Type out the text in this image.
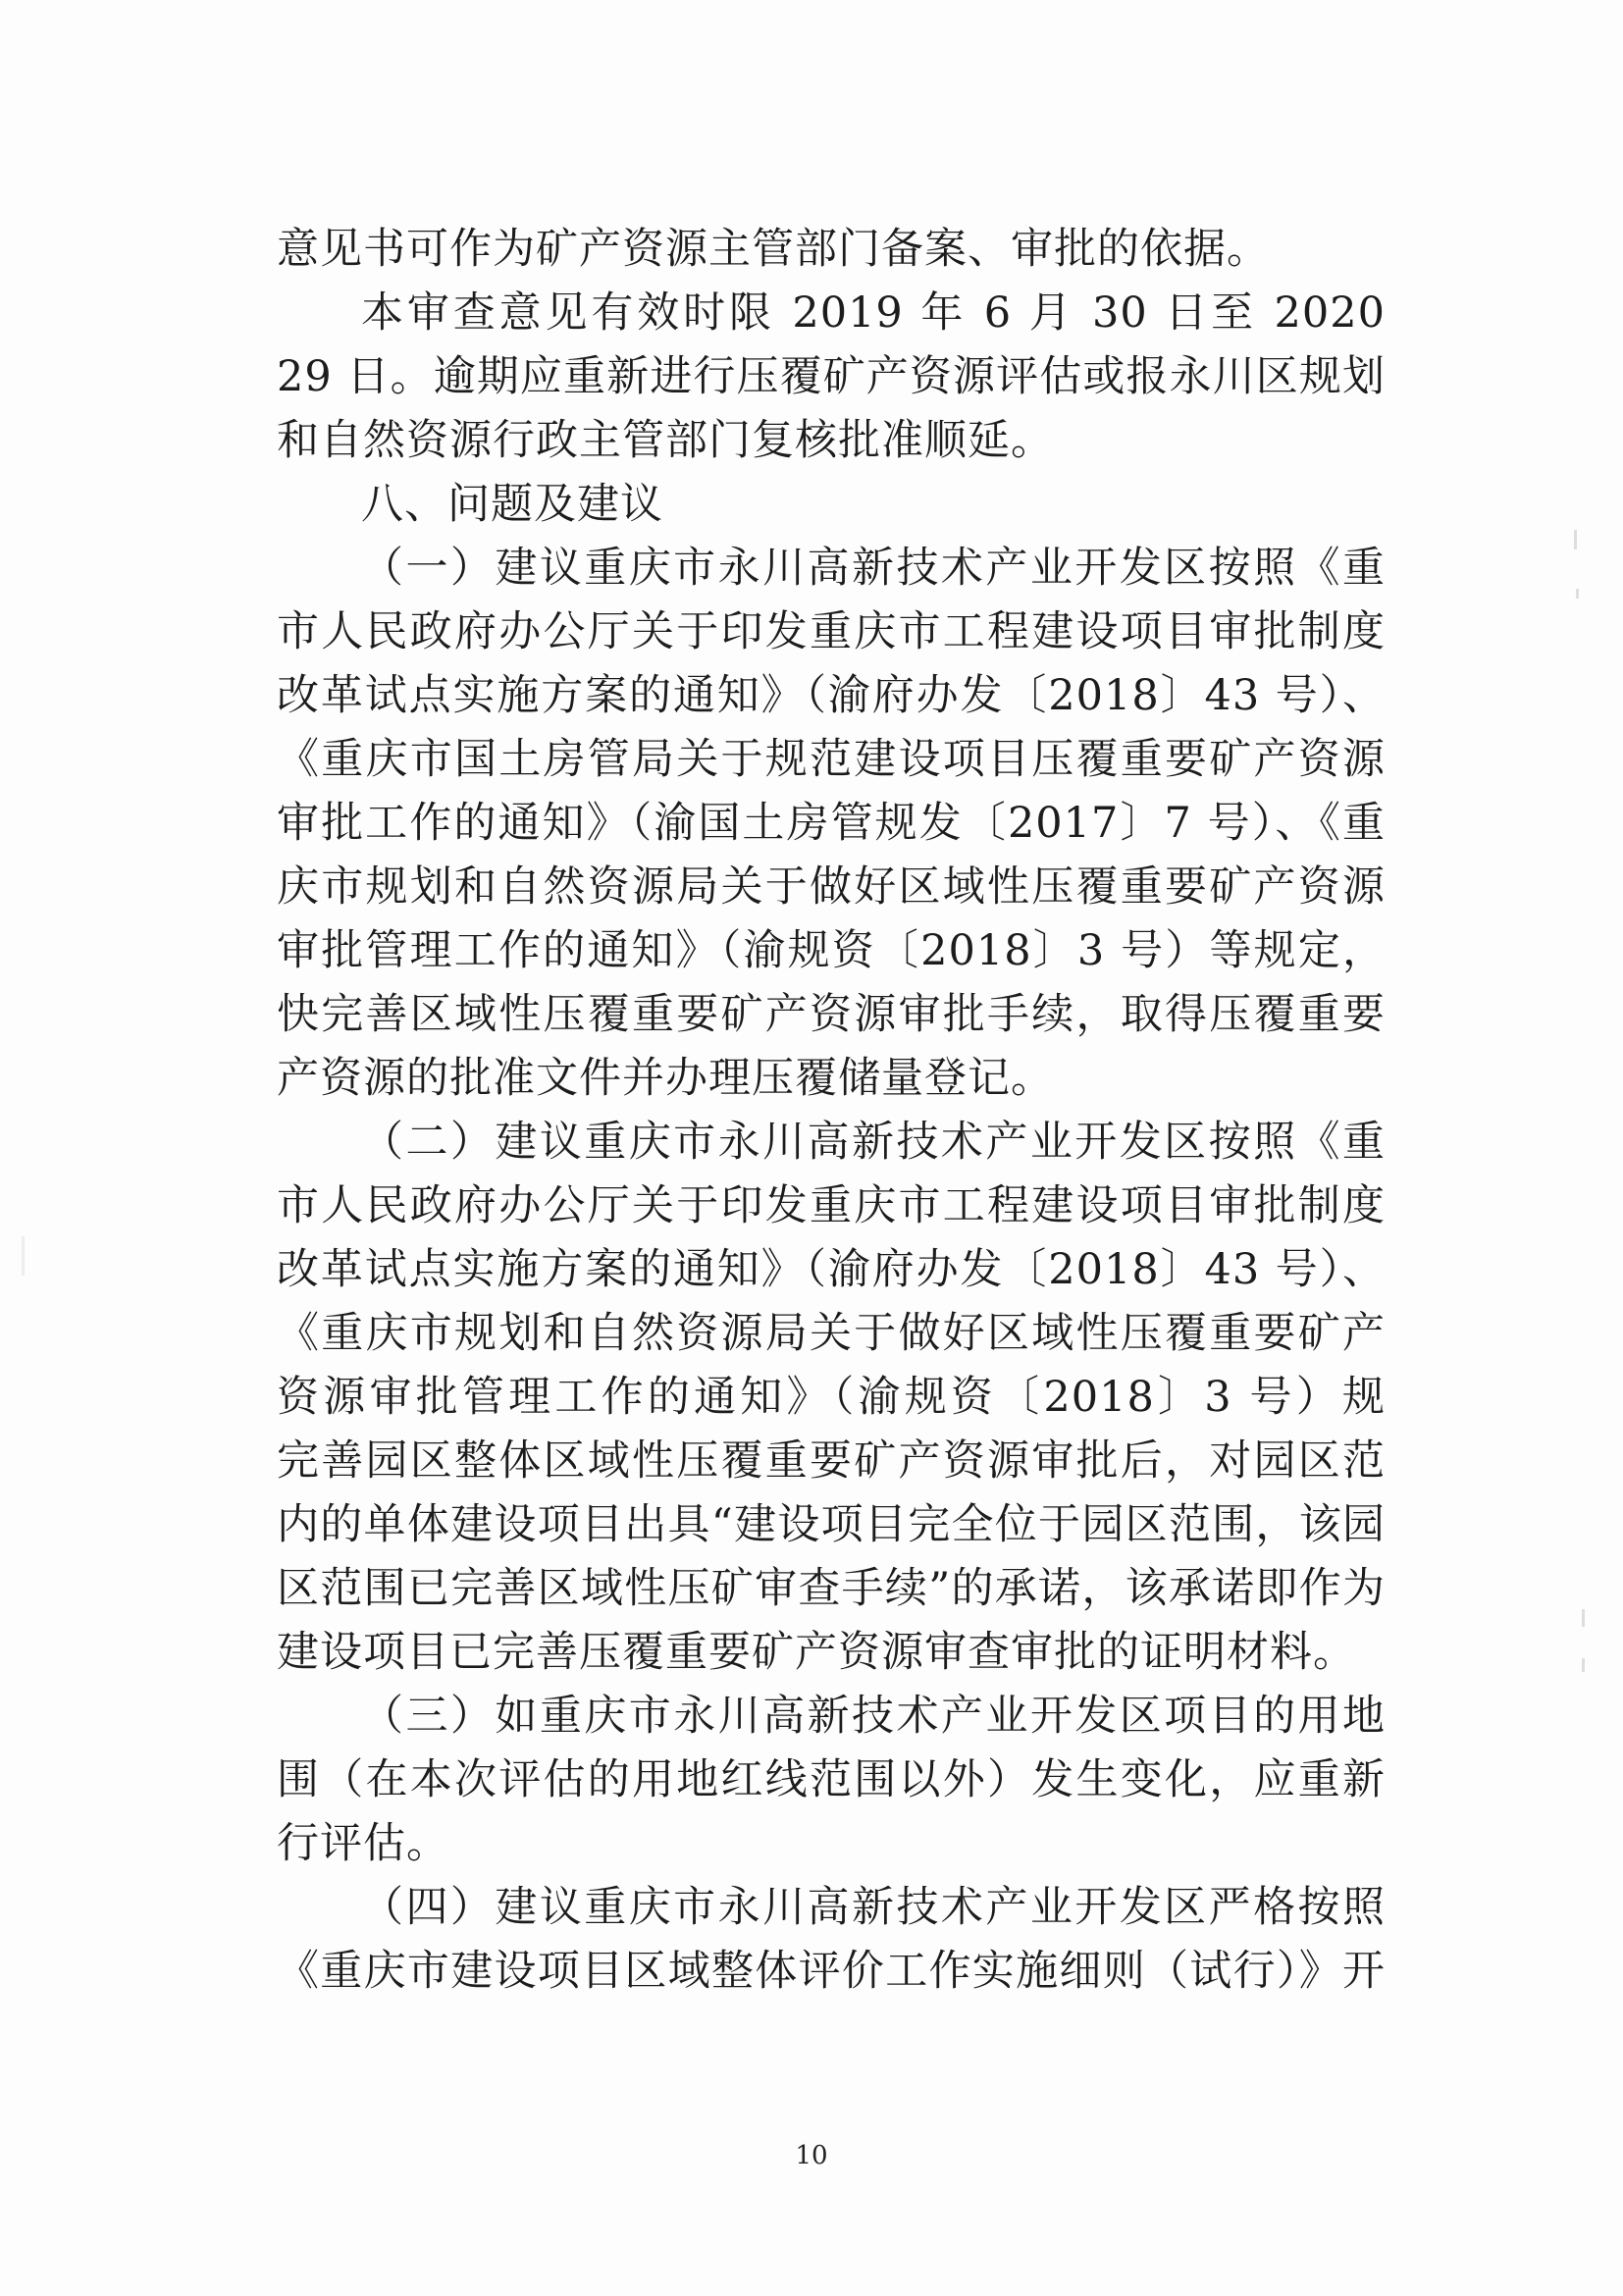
意见书可作为矿产资源主管部门备案、审批的依据。
本审查意见有效时限 2019 年 6 月 30 日至 2020
29 日。逾期应重新进行压覆矿产资源评估或报永川区规划
和自然资源行政主管部门复核批准顺延。
八、问题及建议
（一）建议重庆市永川高新技术产业开发区按照《重
市人民政府办公厅关于印发重庆市工程建设项目审批制度
改革试点实施方案的通知》（渝府办发〔2018〕43 号）、
《重庆市国土房管局关于规范建设项目压覆重要矿产资源
审批工作的通知》（渝国土房管规发〔2017〕7 号）、《重
庆市规划和自然资源局关于做好区域性压覆重要矿产资源
审批管理工作的通知》（渝规资〔2018〕3 号）等规定，
快完善区域性压覆重要矿产资源审批手续，取得压覆重要
产资源的批准文件并办理压覆储量登记。
（二）建议重庆市永川高新技术产业开发区按照《重
市人民政府办公厅关于印发重庆市工程建设项目审批制度
改革试点实施方案的通知》（渝府办发〔2018〕43 号）、
《重庆市规划和自然资源局关于做好区域性压覆重要矿产
资源审批管理工作的通知》（渝规资〔2018〕3 号）规
完善园区整体区域性压覆重要矿产资源审批后，对园区范
内的单体建设项目出具“建设项目完全位于园区范围，该园
区范围已完善区域性压矿审查手续”的承诺，该承诺即作为
建设项目已完善压覆重要矿产资源审查审批的证明材料。
（三）如重庆市永川高新技术产业开发区项目的用地
围（在本次评估的用地红线范围以外）发生变化，应重新
行评估。
（四）建议重庆市永川高新技术产业开发区严格按照
《重庆市建设项目区域整体评价工作实施细则（试行）》开
10
